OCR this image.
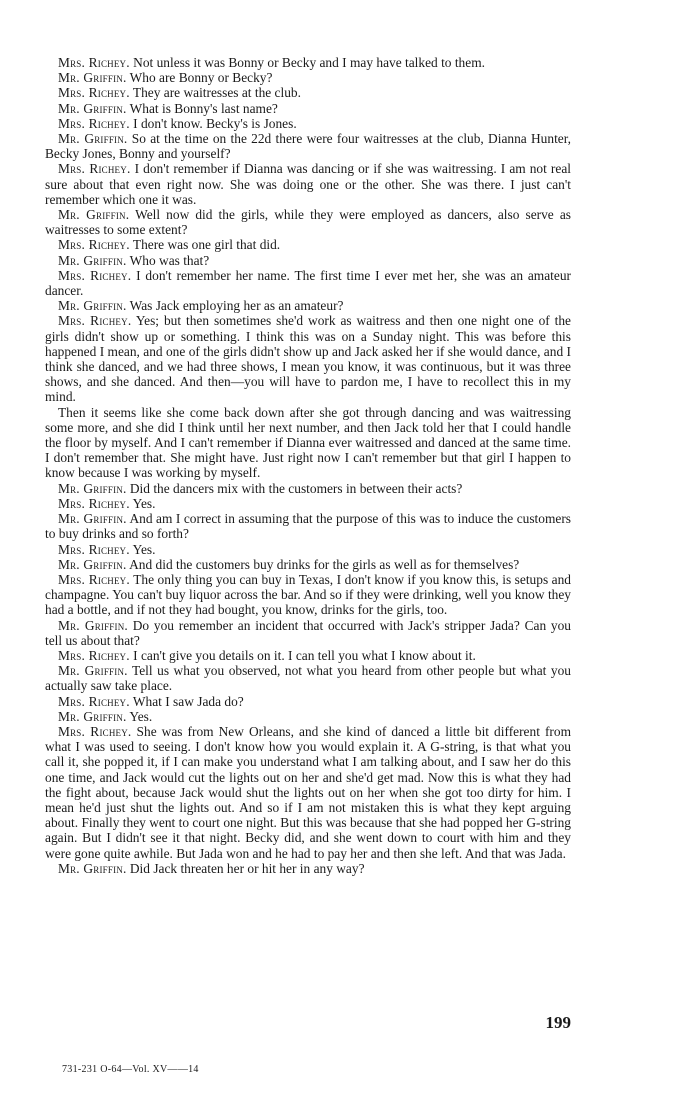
Mrs. Richey. Not unless it was Bonny or Becky and I may have talked to them.

Mr. Griffin. Who are Bonny or Becky?

Mrs. Richey. They are waitresses at the club.

Mr. Griffin. What is Bonny's last name?

Mrs. Richey. I don't know. Becky's is Jones.

Mr. Griffin. So at the time on the 22d there were four waitresses at the club, Dianna Hunter, Becky Jones, Bonny and yourself?

Mrs. Richey. I don't remember if Dianna was dancing or if she was waitressing. I am not real sure about that even right now. She was doing one or the other. She was there. I just can't remember which one it was.

Mr. Griffin. Well now did the girls, while they were employed as dancers, also serve as waitresses to some extent?

Mrs. Richey. There was one girl that did.

Mr. Griffin. Who was that?

Mrs. Richey. I don't remember her name. The first time I ever met her, she was an amateur dancer.

Mr. Griffin. Was Jack employing her as an amateur?

Mrs. Richey. Yes; but then sometimes she'd work as waitress and then one night one of the girls didn't show up or something. I think this was on a Sunday night. This was before this happened I mean, and one of the girls didn't show up and Jack asked her if she would dance, and I think she danced, and we had three shows, I mean you know, it was continuous, but it was three shows, and she danced. And then—you will have to pardon me, I have to recollect this in my mind.

Then it seems like she come back down after she got through dancing and was waitressing some more, and she did I think until her next number, and then Jack told her that I could handle the floor by myself. And I can't remember if Dianna ever waitressed and danced at the same time. I don't remember that. She might have. Just right now I can't remember but that girl I happen to know because I was working by myself.

Mr. Griffin. Did the dancers mix with the customers in between their acts?

Mrs. Richey. Yes.

Mr. Griffin. And am I correct in assuming that the purpose of this was to induce the customers to buy drinks and so forth?

Mrs. Richey. Yes.

Mr. Griffin. And did the customers buy drinks for the girls as well as for themselves?

Mrs. Richey. The only thing you can buy in Texas, I don't know if you know this, is setups and champagne. You can't buy liquor across the bar. And so if they were drinking, well you know they had a bottle, and if not they had bought, you know, drinks for the girls, too.

Mr. Griffin. Do you remember an incident that occurred with Jack's stripper Jada? Can you tell us about that?

Mrs. Richey. I can't give you details on it. I can tell you what I know about it.

Mr. Griffin. Tell us what you observed, not what you heard from other people but what you actually saw take place.

Mrs. Richey. What I saw Jada do?

Mr. Griffin. Yes.

Mrs. Richey. She was from New Orleans, and she kind of danced a little bit different from what I was used to seeing. I don't know how you would explain it. A G-string, is that what you call it, she popped it, if I can make you understand what I am talking about, and I saw her do this one time, and Jack would cut the lights out on her and she'd get mad. Now this is what they had the fight about, because Jack would shut the lights out on her when she got too dirty for him. I mean he'd just shut the lights out. And so if I am not mistaken this is what they kept arguing about. Finally they went to court one night. But this was because that she had popped her G-string again. But I didn't see it that night. Becky did, and she went down to court with him and they were gone quite awhile. But Jada won and he had to pay her and then she left. And that was Jada.

Mr. Griffin. Did Jack threaten her or hit her in any way?

199
731-231 O-64—Vol. XV——14
